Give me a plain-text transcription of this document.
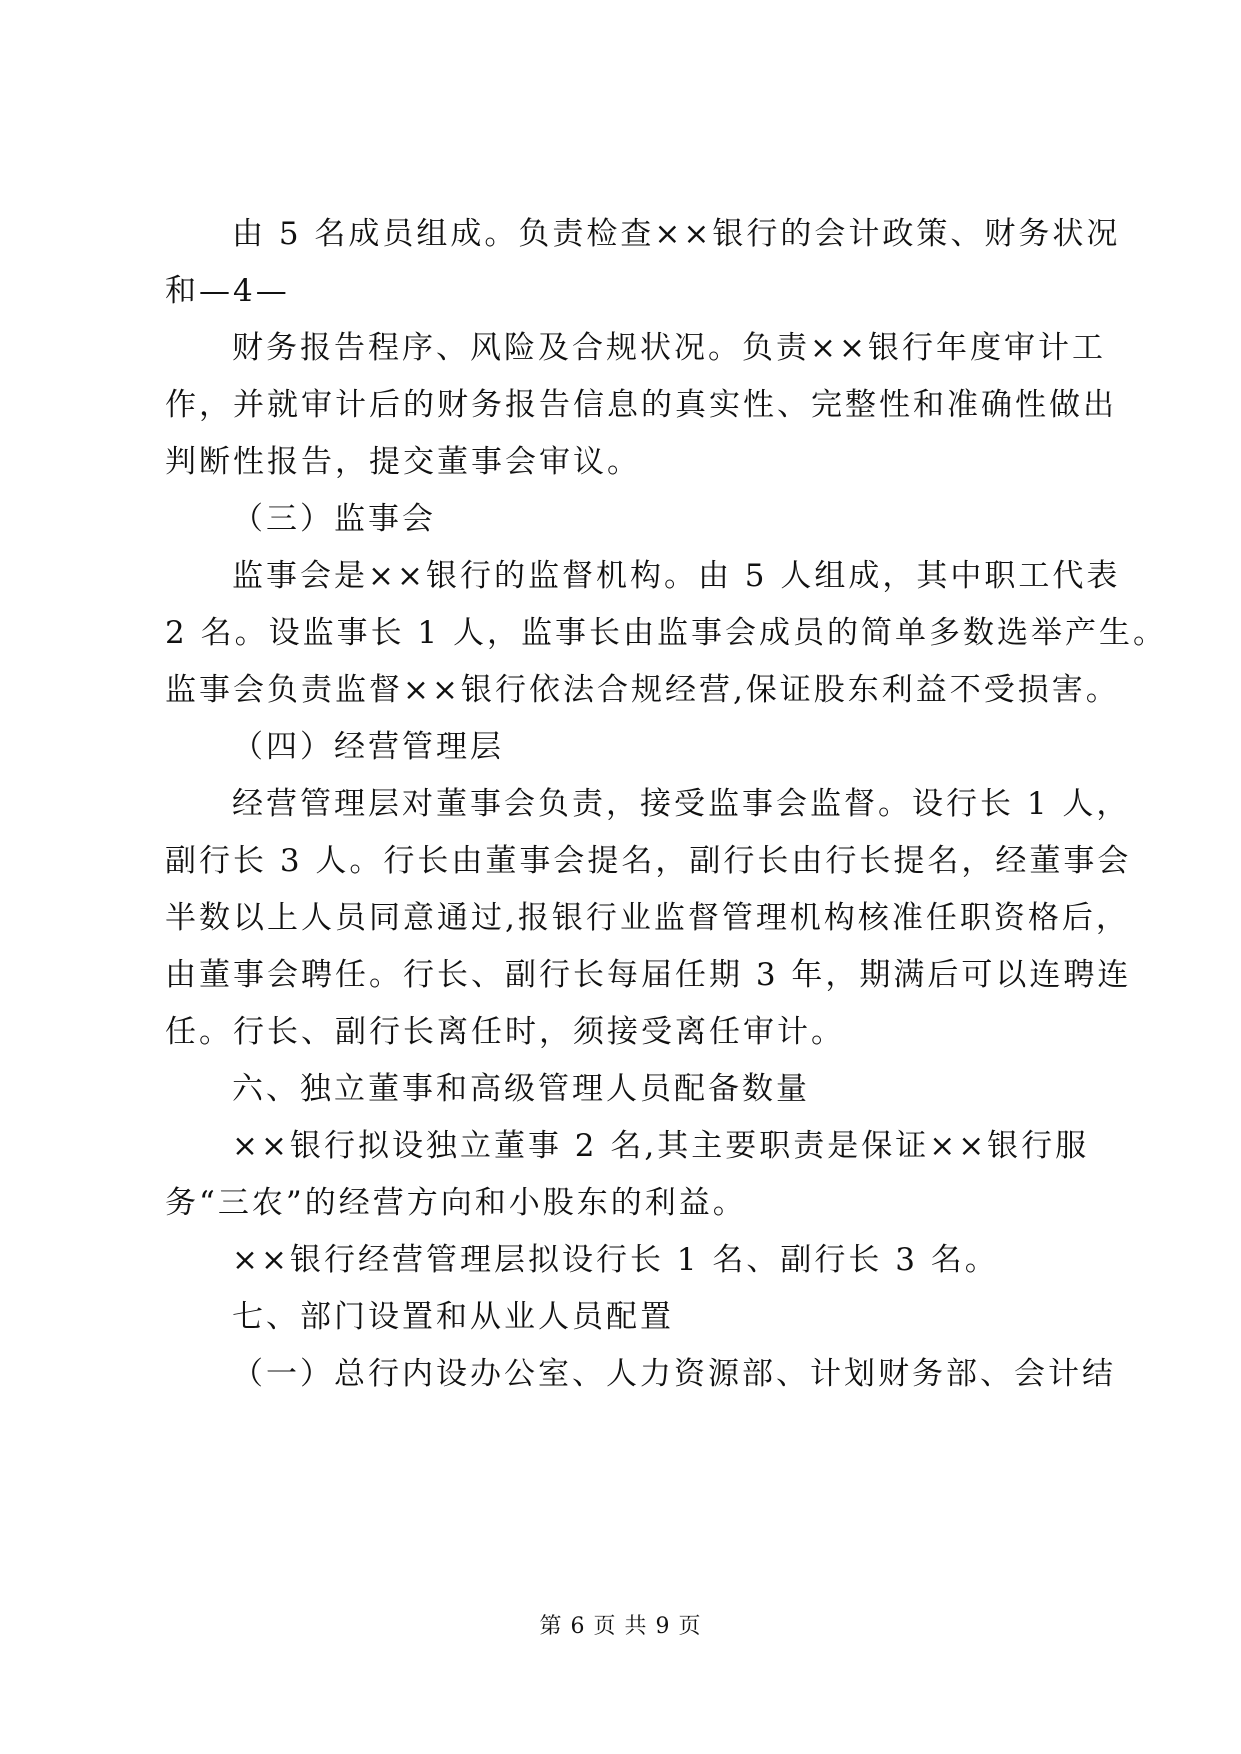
由 5 名成员组成。负责检查××银行的会计政策、财务状况
和—4—
财务报告程序、风险及合规状况。负责××银行年度审计工
作，并就审计后的财务报告信息的真实性、完整性和准确性做出
判断性报告，提交董事会审议。
（三）监事会
监事会是××银行的监督机构。由 5 人组成，其中职工代表
2 名。设监事长 1 人，监事长由监事会成员的简单多数选举产生。
监事会负责监督××银行依法合规经营,保证股东利益不受损害。
（四）经营管理层
经营管理层对董事会负责，接受监事会监督。设行长 1 人，
副行长 3 人。行长由董事会提名，副行长由行长提名，经董事会
半数以上人员同意通过,报银行业监督管理机构核准任职资格后，
由董事会聘任。行长、副行长每届任期 3 年，期满后可以连聘连
任。行长、副行长离任时，须接受离任审计。
六、独立董事和高级管理人员配备数量
××银行拟设独立董事 2 名,其主要职责是保证××银行服
务“三农”的经营方向和小股东的利益。
××银行经营管理层拟设行长 1 名、副行长 3 名。
七、部门设置和从业人员配置
（一）总行内设办公室、人力资源部、计划财务部、会计结
第 6 页 共 9 页
